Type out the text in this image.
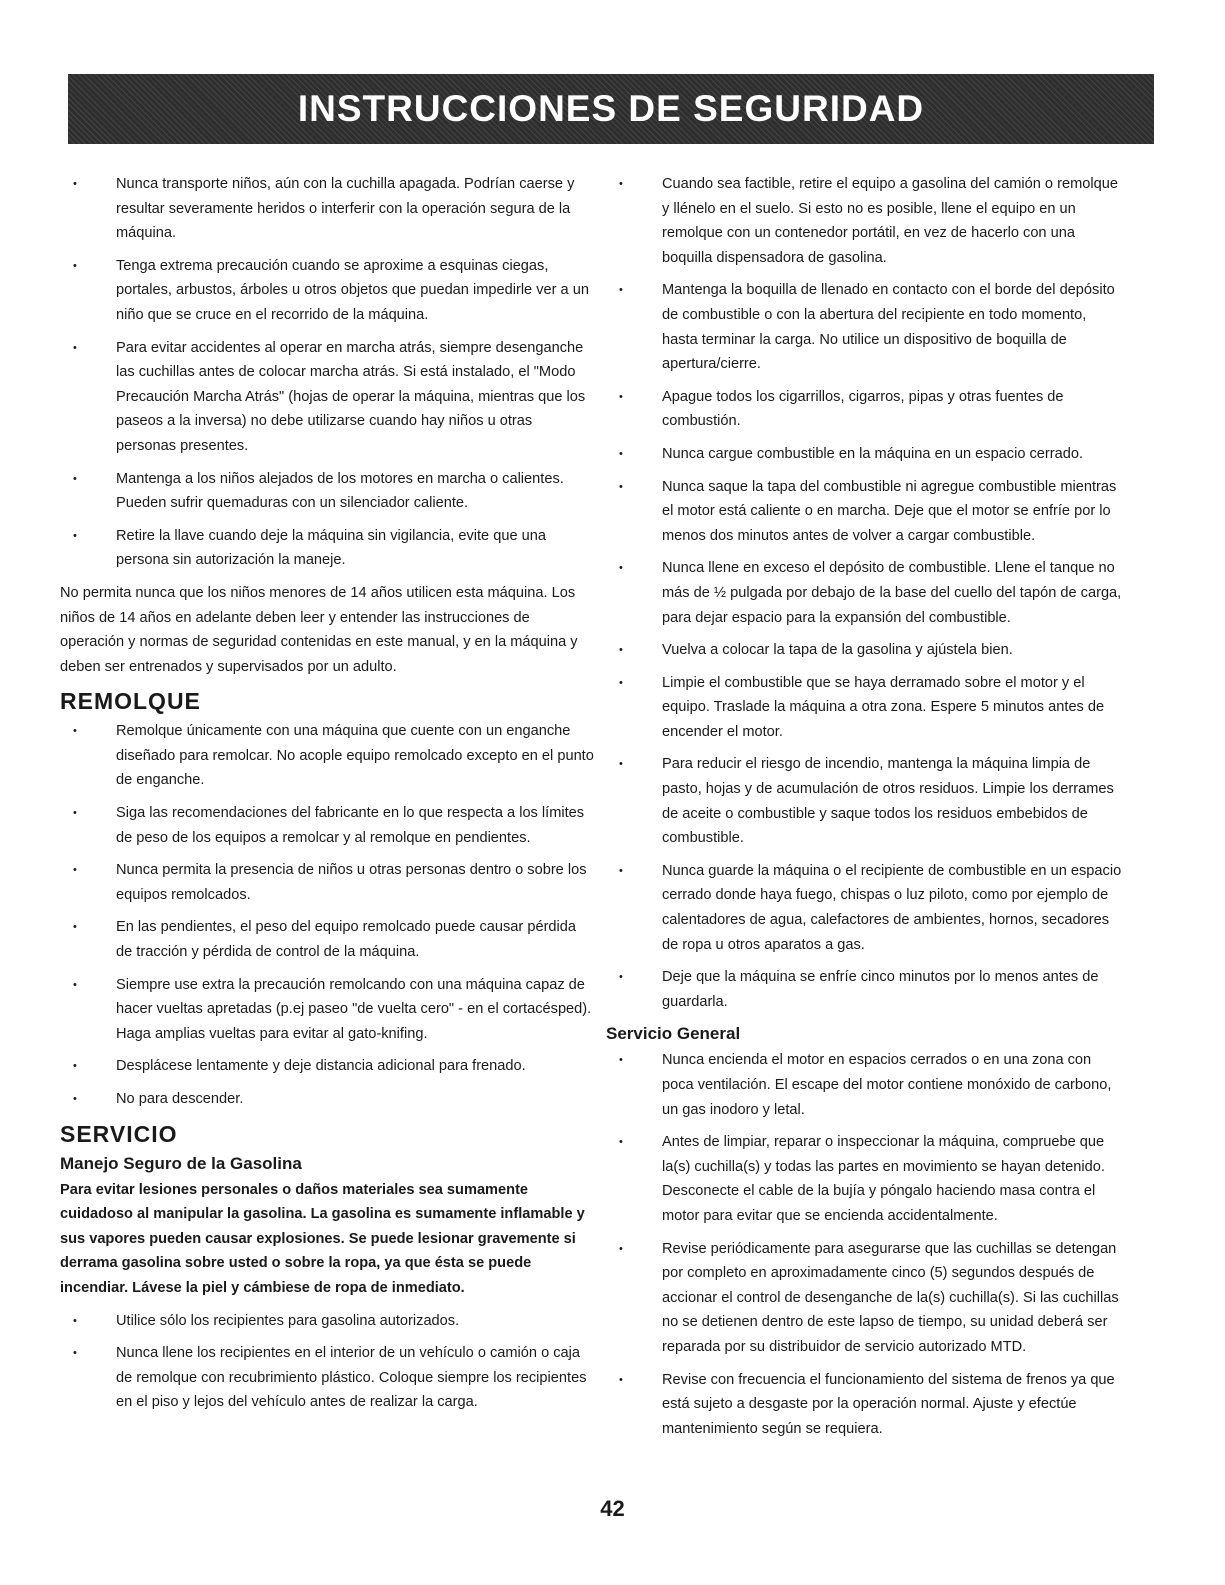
INSTRUCCIONES DE SEGURIDAD
• Nunca transporte niños, aún con la cuchilla apagada. Podrían caerse y resultar severamente heridos o interferir con la operación segura de la máquina.
• Tenga extrema precaución cuando se aproxime a esquinas ciegas, portales, arbustos, árboles u otros objetos que puedan impedirle ver a un niño que se cruce en el recorrido de la máquina.
• Para evitar accidentes al operar en marcha atrás, siempre desenganche las cuchillas antes de colocar marcha atrás. Si está instalado, el "Modo Precaución Marcha Atrás" (hojas de operar la máquina, mientras que los paseos a la inversa) no debe utilizarse cuando hay niños u otras personas presentes.
• Mantenga a los niños alejados de los motores en marcha o calientes. Pueden sufrir quemaduras con un silenciador caliente.
• Retire la llave cuando deje la máquina sin vigilancia, evite que una persona sin autorización la maneje.

No permita nunca que los niños menores de 14 años utilicen esta máquina. Los niños de 14 años en adelante deben leer y entender las instrucciones de operación y normas de seguridad contenidas en este manual, y en la máquina y deben ser entrenados y supervisados por un adulto.

REMOLQUE
• Remolque únicamente con una máquina que cuente con un enganche diseñado para remolcar. No acople equipo remolcado excepto en el punto de enganche.
• Siga las recomendaciones del fabricante en lo que respecta a los límites de peso de los equipos a remolcar y al remolque en pendientes.
• Nunca permita la presencia de niños u otras personas dentro o sobre los equipos remolcados.
• En las pendientes, el peso del equipo remolcado puede causar pérdida de tracción y pérdida de control de la máquina.
• Siempre use extra la precaución remolcando con una máquina capaz de hacer vueltas apretadas (p.ej paseo "de vuelta cero" - en el cortacésped). Haga amplias vueltas para evitar al gato-knifing.
• Desplácese lentamente y deje distancia adicional para frenado.
• No para descender.
SERVICIO
Manejo Seguro de la Gasolina

Para evitar lesiones personales o daños materiales sea sumamente cuidadoso al manipular la gasolina. La gasolina es sumamente inflamable y sus vapores pueden causar explosiones. Se puede lesionar gravemente si derrama gasolina sobre usted o sobre la ropa, ya que ésta se puede incendiar. Lávese la piel y cámbiese de ropa de inmediato.

• Utilice sólo los recipientes para gasolina autorizados.
• Nunca llene los recipientes en el interior de un vehículo o camión o caja de remolque con recubrimiento plástico. Coloque siempre los recipientes en el piso y lejos del vehículo antes de realizar la carga.
• Cuando sea factible, retire el equipo a gasolina del camión o remolque y llénelo en el suelo. Si esto no es posible, llene el equipo en un remolque con un contenedor portátil, en vez de hacerlo con una boquilla dispensadora de gasolina.
• Mantenga la boquilla de llenado en contacto con el borde del depósito de combustible o con la abertura del recipiente en todo momento, hasta terminar la carga. No utilice un dispositivo de boquilla de apertura/cierre.
• Apague todos los cigarrillos, cigarros, pipas y otras fuentes de combustión.
• Nunca cargue combustible en la máquina en un espacio cerrado.
• Nunca saque la tapa del combustible ni agregue combustible mientras el motor está caliente o en marcha. Deje que el motor se enfríe por lo menos dos minutos antes de volver a cargar combustible.
• Nunca llene en exceso el depósito de combustible. Llene el tanque no más de ½ pulgada por debajo de la base del cuello del tapón de carga, para dejar espacio para la expansión del combustible.
• Vuelva a colocar la tapa de la gasolina y ajústela bien.
• Limpie el combustible que se haya derramado sobre el motor y el equipo. Traslade la máquina a otra zona. Espere 5 minutos antes de encender el motor.
• Para reducir el riesgo de incendio, mantenga la máquina limpia de pasto, hojas y de acumulación de otros residuos. Limpie los derrames de aceite o combustible y saque todos los residuos embebidos de combustible.
• Nunca guarde la máquina o el recipiente de combustible en un espacio cerrado donde haya fuego, chispas o luz piloto, como por ejemplo de calentadores de agua, calefactores de ambientes, hornos, secadores de ropa u otros aparatos a gas.
• Deje que la máquina se enfríe cinco minutos por lo menos antes de guardarla.
Servicio General
• Nunca encienda el motor en espacios cerrados o en una zona con poca ventilación. El escape del motor contiene monóxido de carbono, un gas inodoro y letal.
• Antes de limpiar, reparar o inspeccionar la máquina, compruebe que la(s) cuchilla(s) y todas las partes en movimiento se hayan detenido. Desconecte el cable de la bujía y póngalo haciendo masa contra el motor para evitar que se encienda accidentalmente.
• Revise periódicamente para asegurarse que las cuchillas se detengan por completo en aproximadamente cinco (5) segundos después de accionar el control de desenganche de la(s) cuchilla(s). Si las cuchillas no se detienen dentro de este lapso de tiempo, su unidad deberá ser reparada por su distribuidor de servicio autorizado MTD.
• Revise con frecuencia el funcionamiento del sistema de frenos ya que está sujeto a desgaste por la operación normal. Ajuste y efectúe mantenimiento según se requiera.
42
